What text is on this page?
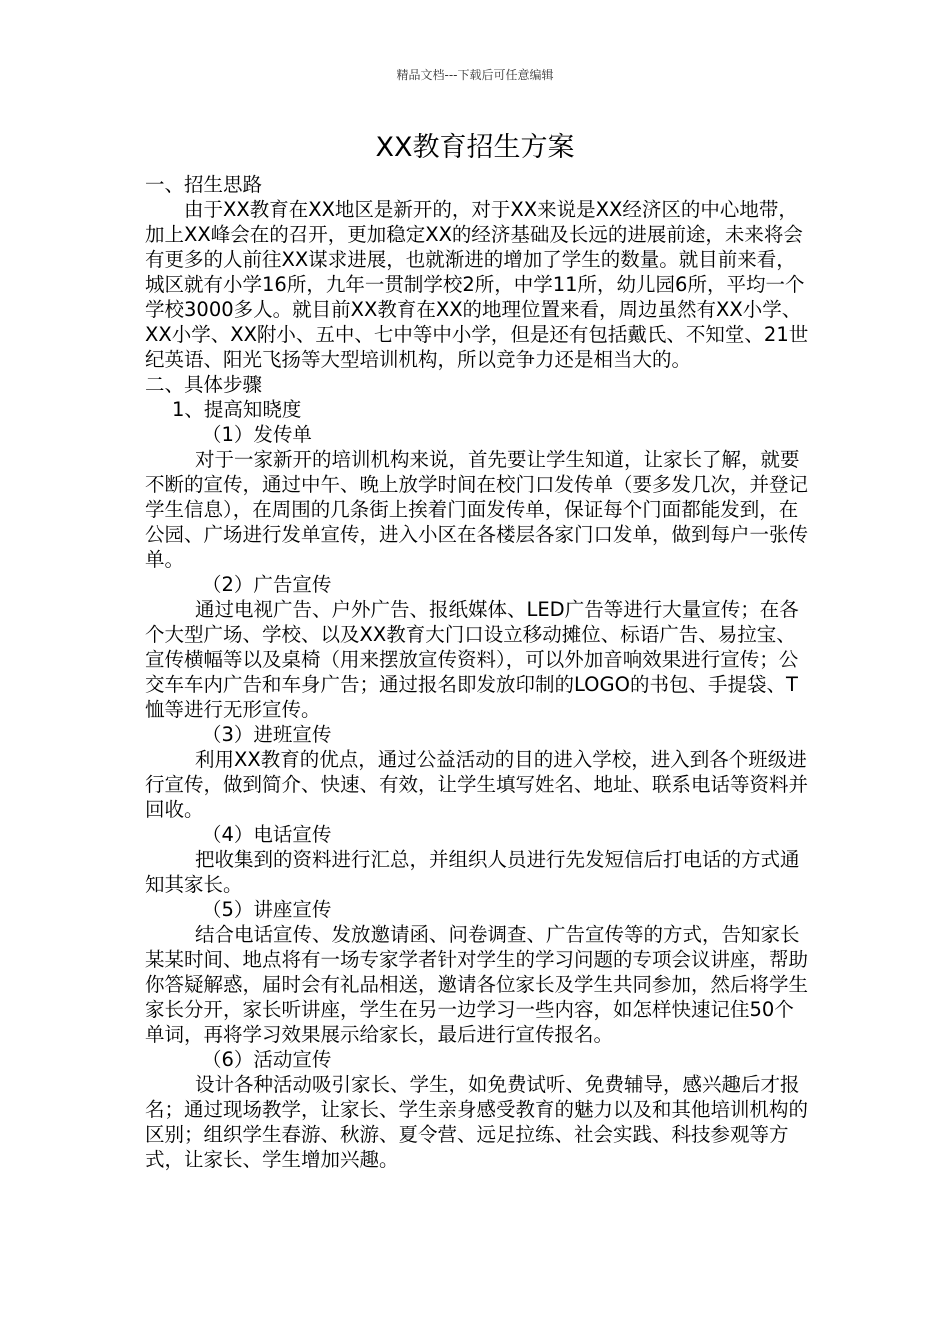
精品文档---下载后可任意编辑
XX教育招生方案

一、招生思路

由于XX教育在XX地区是新开的，对于XX来说是XX经济区的中心地带，加上XX峰会在的召开，更加稳定XX的经济基础及长远的进展前途，未来将会有更多的人前往XX谋求进展，也就渐进的增加了学生的数量。就目前来看，城区就有小学16所，九年一贯制学校2所，中学11所，幼儿园6所，平均一个学校3000多人。就目前XX教育在XX的地理位置来看，周边虽然有XX小学、XX小学、XX附小、五中、七中等中小学，但是还有包括戴氏、不知堂、21世纪英语、阳光飞扬等大型培训机构，所以竞争力还是相当大的。

二、具体步骤

1、提高知晓度

（1）发传单

对于一家新开的培训机构来说，首先要让学生知道，让家长了解，就要不断的宣传，通过中午、晚上放学时间在校门口发传单（要多发几次，并登记学生信息），在周围的几条街上挨着门面发传单，保证每个门面都能发到，在公园、广场进行发单宣传，进入小区在各楼层各家门口发单，做到每户一张传单。

（2）广告宣传

通过电视广告、户外广告、报纸媒体、LED广告等进行大量宣传；在各个大型广场、学校、以及XX教育大门口设立移动摊位、标语广告、易拉宝、宣传横幅等以及桌椅（用来摆放宣传资料），可以外加音响效果进行宣传；公交车车内广告和车身广告；通过报名即发放印制的LOGO的书包、手提袋、T恤等进行无形宣传。

（3）进班宣传

利用XX教育的优点，通过公益活动的目的进入学校，进入到各个班级进行宣传，做到简介、快速、有效，让学生填写姓名、地址、联系电话等资料并回收。

（4）电话宣传

把收集到的资料进行汇总，并组织人员进行先发短信后打电话的方式通知其家长。

（5）讲座宣传

结合电话宣传、发放邀请函、问卷调查、广告宣传等的方式，告知家长某某时间、地点将有一场专家学者针对学生的学习问题的专项会议讲座，帮助你答疑解惑，届时会有礼品相送，邀请各位家长及学生共同参加，然后将学生家长分开，家长听讲座，学生在另一边学习一些内容，如怎样快速记住50个单词，再将学习效果展示给家长，最后进行宣传报名。

（6）活动宣传

设计各种活动吸引家长、学生，如免费试听、免费辅导，感兴趣后才报名；通过现场教学，让家长、学生亲身感受教育的魅力以及和其他培训机构的区别；组织学生春游、秋游、夏令营、远足拉练、社会实践、科技参观等方式，让家长、学生增加兴趣。
